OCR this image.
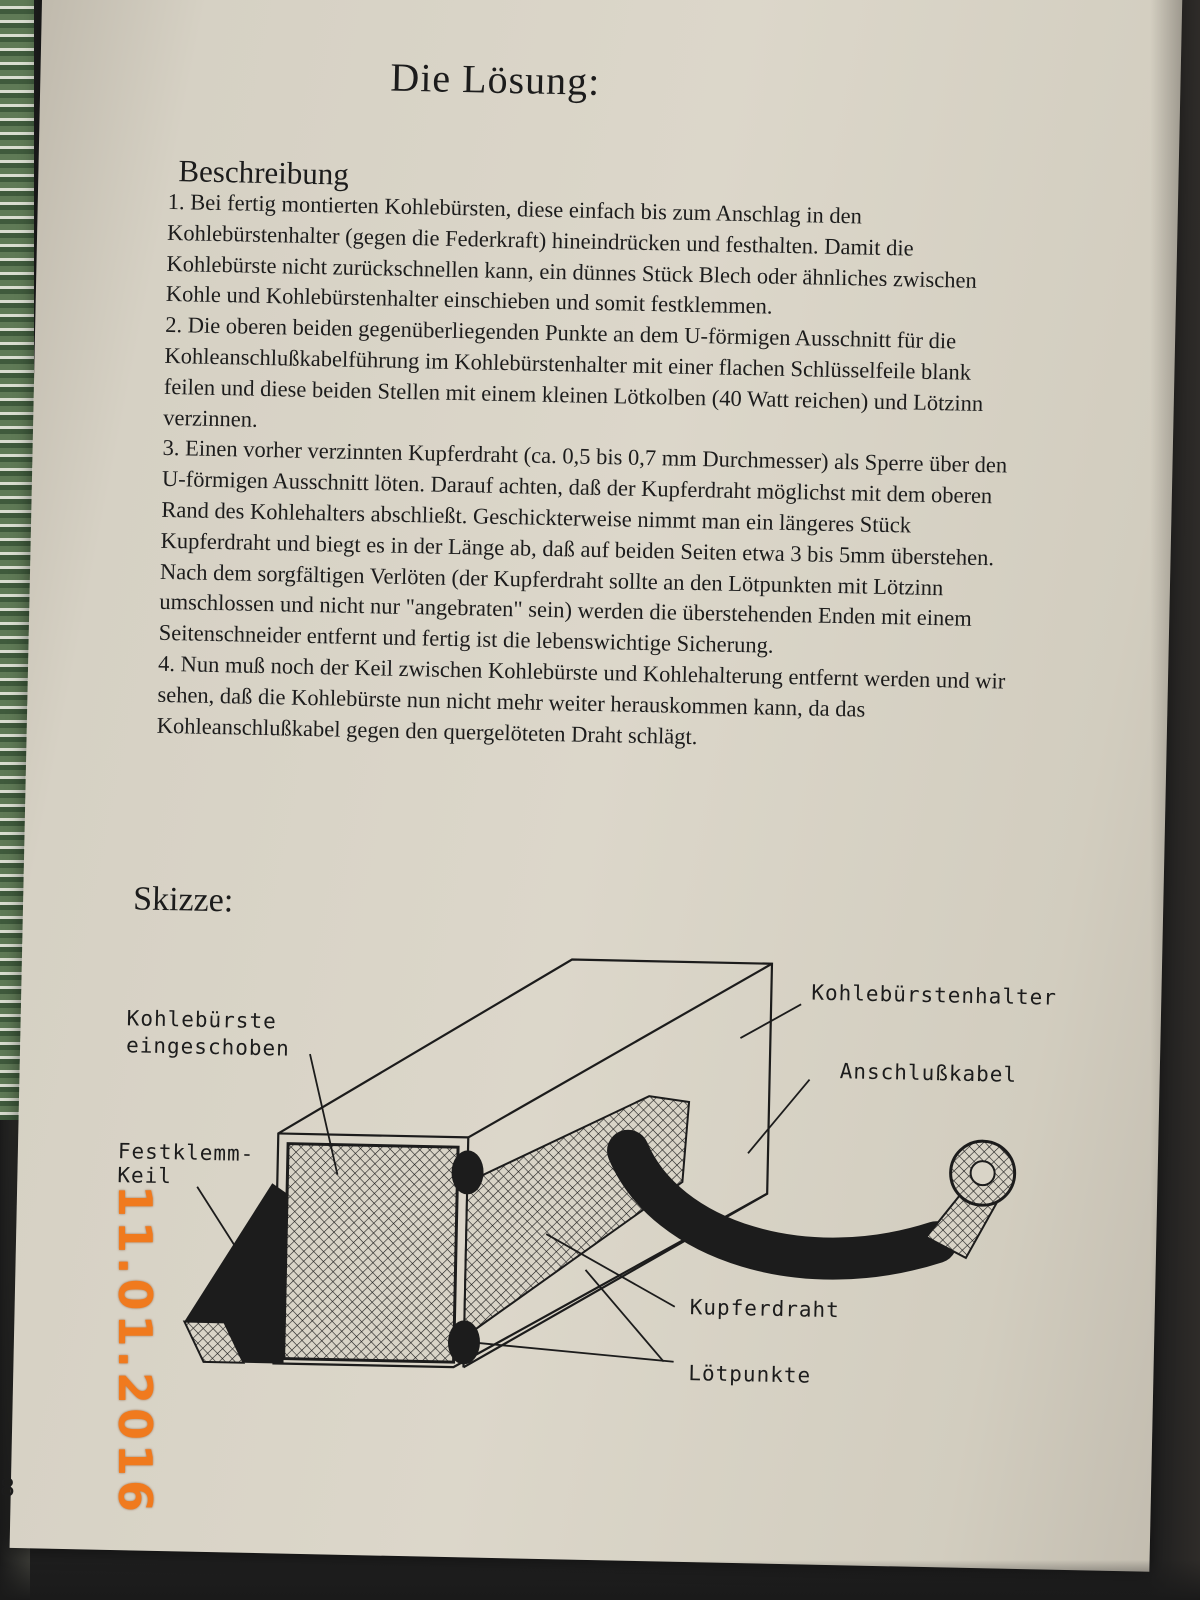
Die Lösung:
Beschreibung

1. Bei fertig montierten Kohlebürsten, diese einfach bis zum Anschlag in den Kohlebürstenhalter (gegen die Federkraft) hineindrücken und festhalten. Damit die Kohlebürste nicht zurückschnellen kann, ein dünnes Stück Blech oder ähnliches zwischen Kohle und Kohlebürstenhalter einschieben und somit festklemmen.

2. Die oberen beiden gegenüberliegenden Punkte an dem U-förmigen Ausschnitt für die Kohleanschlußkabelführung im Kohlebürstenhalter mit einer flachen Schlüsselfeile blank feilen und diese beiden Stellen mit einem kleinen Lötkolben (40 Watt reichen) und Lötzinn verzinnen.

3. Einen vorher verzinnten Kupferdraht (ca. 0,5 bis 0,7 mm Durchmesser) als Sperre über den U-förmigen Ausschnitt löten. Darauf achten, daß der Kupferdraht möglichst mit dem oberen Rand des Kohlehalters abschließt. Geschickterweise nimmt man ein längeres Stück Kupferdraht und biegt es in der Länge ab, daß auf beiden Seiten etwa 3 bis 5mm überstehen. Nach dem sorgfältigen Verlöten (der Kupferdraht sollte an den Lötpunkten mit Lötzinn umschlossen und nicht nur "angebraten" sein) werden die überstehenden Enden mit einem Seitenschneider entfernt und fertig ist die lebenswichtige Sicherung.

4. Nun muß noch der Keil zwischen Kohlebürste und Kohlehalterung entfernt werden und wir sehen, daß die Kohlebürste nun nicht mehr weiter herauskommen kann, da das Kohleanschlußkabel gegen den quergelöteten Draht schlägt.

Skizze:
Kohlebürstenhalter
Kohlebürste
eingeschoben
Anschlußkabel
Festklemm-
Keil
Kupferdraht
Lötpunkte
8 11.01.2016
